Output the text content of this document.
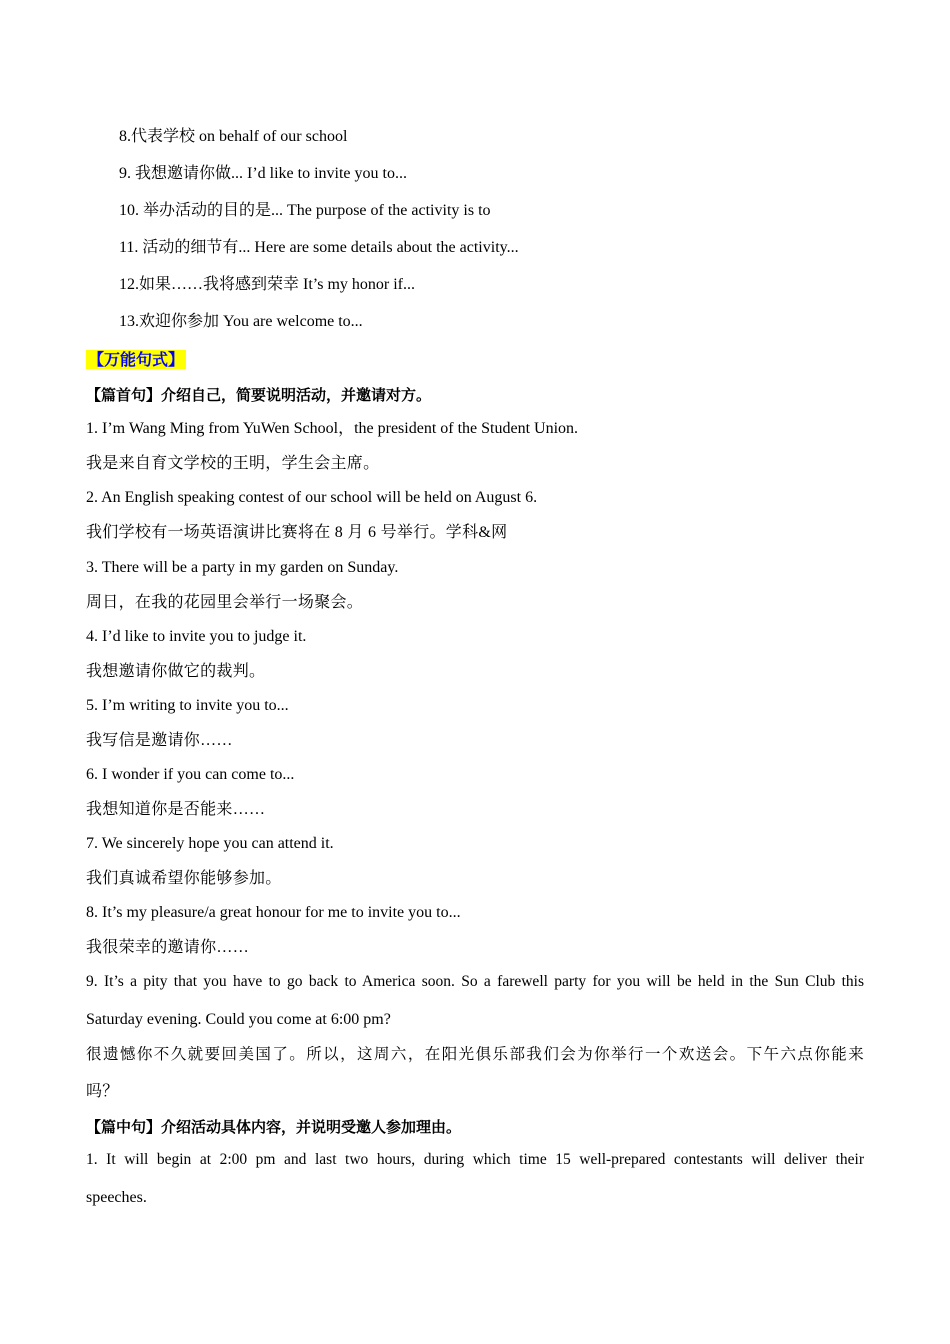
8.代表学校 on behalf of our school
9. 我想邀请你做... I’d like to invite you to...
10. 举办活动的目的是... The purpose of the activity is to
11. 活动的细节有... Here are some details about the activity...
12.如果……我将感到荣幸 It’s my honor if...
13.欢迎你参加 You are welcome to...
【万能句式】
【篇首句】介绍自己，简要说明活动，并邀请对方。
1. I’m Wang Ming from YuWen School，the president of the Student Union.
我是来自育文学校的王明，学生会主席。
2. An English speaking contest of our school will be held on August 6.
我们学校有一场英语演讲比赛将在 8 月 6 号举行。学科&网
3. There will be a party in my garden on Sunday.
周日，在我的花园里会举行一场聚会。
4. I’d like to invite you to judge it.
我想邀请你做它的裁判。
5. I’m writing to invite you to...
我写信是邀请你……
6. I wonder if you can come to...
我想知道你是否能来……
7. We sincerely hope you can attend it.
我们真诚希望你能够参加。
8. It’s my pleasure/a great honour for me to invite you to...
我很荣幸的邀请你……
9. It’s a pity that you have to go back to America soon. So a farewell party for you will be held in the Sun Club this
Saturday evening. Could you come at 6:00 pm?
很遗憾你不久就要回美国了。所以，这周六，在阳光俱乐部我们会为你举行一个欢送会。下午六点你能来
吗？
【篇中句】介绍活动具体内容，并说明受邀人参加理由。
1. It will begin at 2:00 pm and last two hours, during which time 15 well-prepared contestants will deliver their
speeches.
